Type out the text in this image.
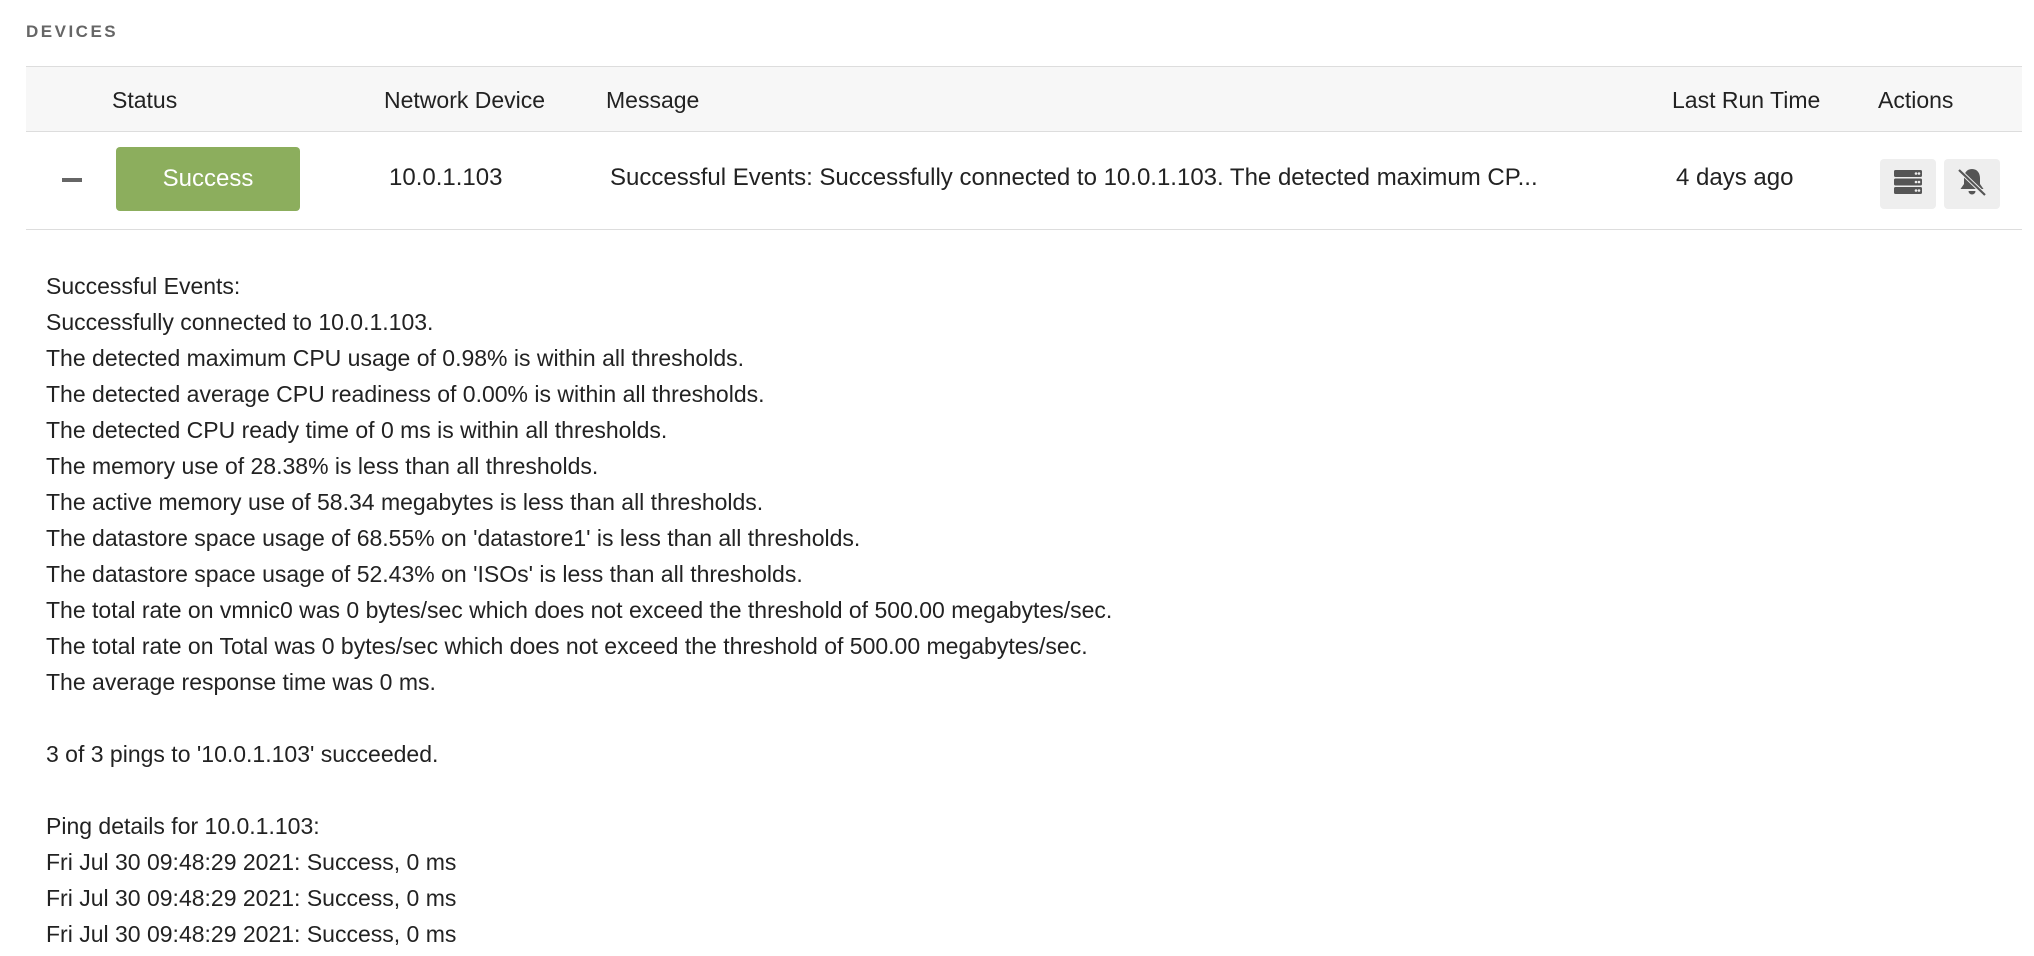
DEVICES
Status	Network Device	Message	Last Run Time	Actions
Success	10.0.1.103	Successful Events: Successfully connected to 10.0.1.103. The detected maximum CP...	4 days ago
Successful Events:
Successfully connected to 10.0.1.103.
The detected maximum CPU usage of 0.98% is within all thresholds.
The detected average CPU readiness of 0.00% is within all thresholds.
The detected CPU ready time of 0 ms is within all thresholds.
The memory use of 28.38% is less than all thresholds.
The active memory use of 58.34 megabytes is less than all thresholds.
The datastore space usage of 68.55% on 'datastore1' is less than all thresholds.
The datastore space usage of 52.43% on 'ISOs' is less than all thresholds.
The total rate on vmnic0 was 0 bytes/sec which does not exceed the threshold of 500.00 megabytes/sec.
The total rate on Total was 0 bytes/sec which does not exceed the threshold of 500.00 megabytes/sec.
The average response time was 0 ms.
3 of 3 pings to '10.0.1.103' succeeded.
Ping details for 10.0.1.103:
Fri Jul 30 09:48:29 2021: Success, 0 ms
Fri Jul 30 09:48:29 2021: Success, 0 ms
Fri Jul 30 09:48:29 2021: Success, 0 ms
